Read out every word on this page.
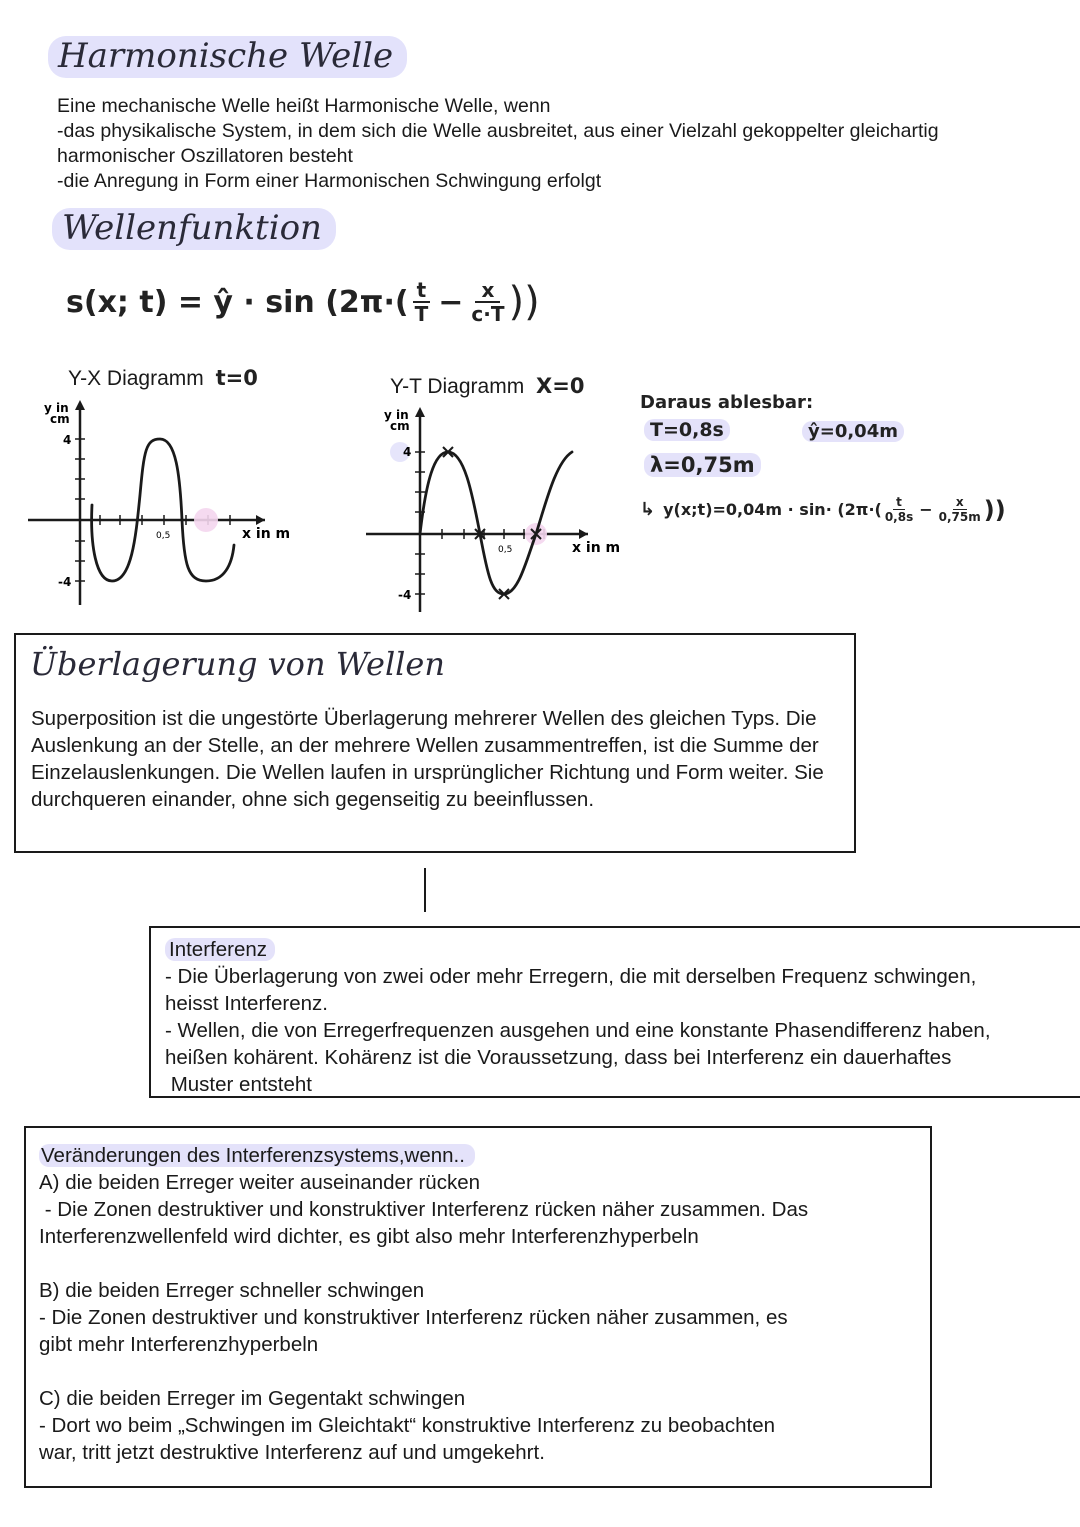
Harmonische Welle
Eine mechanische Welle heißt Harmonische Welle, wenn
-das physikalische System, in dem sich die Welle ausbreitet, aus einer Vielzahl gekoppelter gleichartig
harmonischer Oszillatoren besteht
-die Anregung in Form einer Harmonischen Schwingung erfolgt
Wellenfunktion
s(x; t) = ŷ · $\sin (2\pi\cdot( \frac{t}{T} - \frac{x}{c\cdot T}$ ))
Y-X Diagramm t=0	Y-T Diagramm X=0
y in
cm
4
-4
0,5	x in m
y in
cm
4
-4
0,5	x in m
Daraus ablesbar:
T=0,8s	ŷ=0,04m
λ=0,75m
↳ y(x;t)=0,04m · $\sin\cdot (2\pi\cdot( \frac{t}{0,8s} - \frac{x}{0,75m}$ ))
Überlagerung von Wellen

Superposition ist die ungestörte Überlagerung mehrerer Wellen des gleichen Typs. Die Auslenkung an der Stelle, an der mehrere Wellen zusammentreffen, ist die Summe der Einzelauslenkungen. Die Wellen laufen in ursprünglicher Richtung und Form weiter. Sie durchqueren einander, ohne sich gegenseitig zu beeinflussen.

Interferenz
- Die Überlagerung von zwei oder mehr Erregern, die mit derselben Frequenz schwingen,
heisst Interferenz.
- Wellen, die von Erregerfrequenzen ausgehen und eine konstante Phasendifferenz haben,
heißen kohärent. Kohärenz ist die Voraussetzung, dass bei Interferenz ein dauerhaftes
Muster entsteht
Veränderungen des Interferenzsystems,wenn..
A) die beiden Erreger weiter auseinander rücken
- Die Zonen destruktiver und konstruktiver Interferenz rücken näher zusammen. Das
Interferenzwellenfeld wird dichter, es gibt also mehr Interferenzhyperbeln
B) die beiden Erreger schneller schwingen
- Die Zonen destruktiver und konstruktiver Interferenz rücken näher zusammen, es
gibt mehr Interferenzhyperbeln
C) die beiden Erreger im Gegentakt schwingen
- Dort wo beim „Schwingen im Gleichtakt“ konstruktive Interferenz zu beobachten
war, tritt jetzt destruktive Interferenz auf und umgekehrt.
